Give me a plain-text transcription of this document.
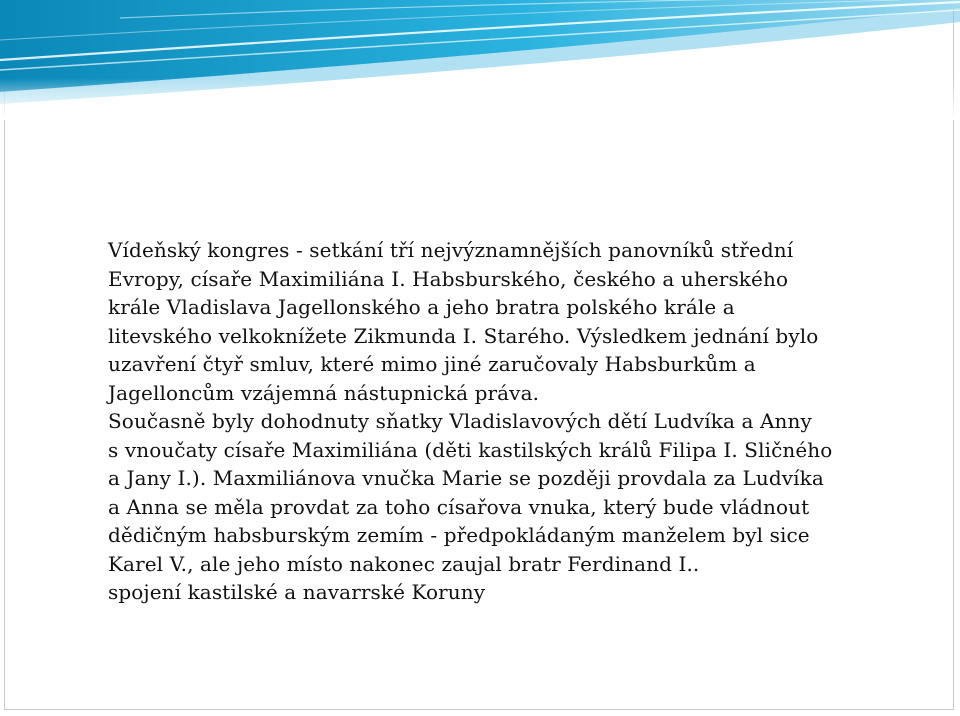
Vídeňský kongres - setkání tří nejvýznamnějších panovníků střední
Evropy, císaře Maximiliána I. Habsburského, českého a uherského
krále Vladislava Jagellonského a jeho bratra polského krále a
litevského velkoknížete Zikmunda I. Starého. Výsledkem jednání bylo
uzavření čtyř smluv, které mimo jiné zaručovaly Habsburkům a
Jagelloncům vzájemná nástupnická práva.
Současně byly dohodnuty sňatky Vladislavových dětí Ludvíka a Anny
s vnoučaty císaře Maximiliána (děti kastilských králů Filipa I. Sličného
a Jany I.). Maxmiliánova vnučka Marie se později provdala za Ludvíka
a Anna se měla provdat za toho císařova vnuka, který bude vládnout
dědičným habsburským zemím - předpokládaným manželem byl sice
Karel V., ale jeho místo nakonec zaujal bratr Ferdinand I..
spojení kastilské a navarrské Koruny
